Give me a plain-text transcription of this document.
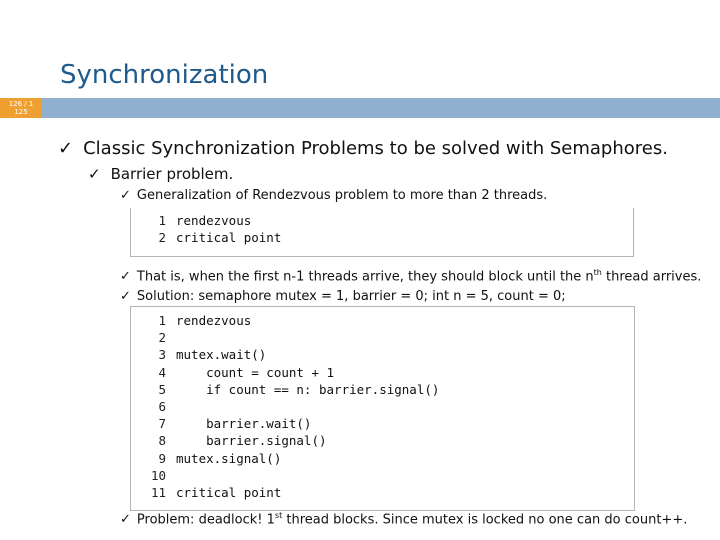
Synchronization
126 / 1
125
✓ Classic Synchronization Problems to be solved with Semaphores.
✓ Barrier problem.
✓ Generalization of Rendezvous problem to more than 2 threads.
1 rendezvous
2 critical point
✓ That is, when the first n-1 threads arrive, they should block until the $n^{th}$ thread arrives.
✓ Solution: semaphore mutex = 1, barrier = 0; int n = 5, count = 0;
1 rendezvous
2
3 mutex.wait()
4 count = count + 1
5 if count == n: barrier.signal()
6
7 barrier.wait()
8 barrier.signal()
9 mutex.signal()
10
11 critical point
✓ Problem: deadlock! 1st thread blocks. Since mutex is locked no one can do count++.
